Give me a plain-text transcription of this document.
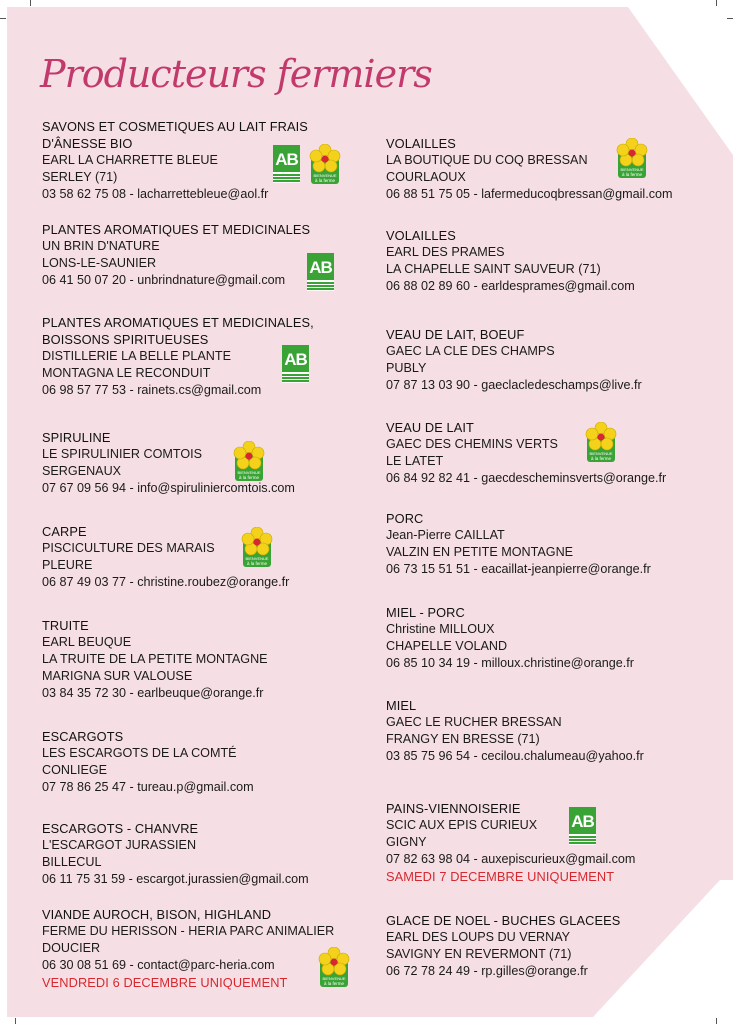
Producteurs fermiers
SAVONS ET COSMETIQUES AU LAIT FRAIS
D'ÂNESSE BIO
EARL LA CHARRETTE BLEUE
SERLEY (71)
03 58 62 75 08 - lacharrettebleue@aol.fr
AB
BIENVENUE
à la ferme
PLANTES AROMATIQUES ET MEDICINALES
UN BRIN D'NATURE
LONS-LE-SAUNIER
06 41 50 07 20 - unbrindnature@gmail.com
AB
PLANTES AROMATIQUES ET MEDICINALES,
BOISSONS SPIRITUEUSES
DISTILLERIE LA BELLE PLANTE
MONTAGNA LE RECONDUIT
06 98 57 77 53 - rainets.cs@gmail.com
AB
SPIRULINE
LE SPIRULINIER COMTOIS
SERGENAUX
07 67 09 56 94 - info@spiruliniercomtois.com
BIENVENUE
à la ferme
CARPE
PISCICULTURE DES MARAIS
PLEURE
06 87 49 03 77 - christine.roubez@orange.fr
BIENVENUE
à la ferme
TRUITE
EARL BEUQUE
LA TRUITE DE LA PETITE MONTAGNE
MARIGNA SUR VALOUSE
03 84 35 72 30 - earlbeuque@orange.fr
ESCARGOTS
LES ESCARGOTS DE LA COMTÉ
CONLIEGE
07 78 86 25 47 - tureau.p@gmail.com
ESCARGOTS - CHANVRE
L'ESCARGOT JURASSIEN
BILLECUL
06 11 75 31 59 - escargot.jurassien@gmail.com
VIANDE AUROCH, BISON, HIGHLAND
FERME DU HERISSON - HERIA PARC ANIMALIER
DOUCIER
06 30 08 51 69 - contact@parc-heria.com
VENDREDI 6 DECEMBRE UNIQUEMENT	BIENVENUE
à la ferme
VOLAILLES
LA BOUTIQUE DU COQ BRESSAN
COURLAOUX
06 88 51 75 05 - lafermeducoqbressan@gmail.com
BIENVENUE
à la ferme
VOLAILLES
EARL DES PRAMES
LA CHAPELLE SAINT SAUVEUR (71)
06 88 02 89 60 - earldesprames@gmail.com
VEAU DE LAIT, BOEUF
GAEC LA CLE DES CHAMPS
PUBLY
07 87 13 03 90 - gaeclacledeschamps@live.fr
VEAU DE LAIT
GAEC DES CHEMINS VERTS
LE LATET
06 84 92 82 41 - gaecdescheminsverts@orange.fr
BIENVENUE
à la ferme
PORC
Jean-Pierre CAILLAT
VALZIN EN PETITE MONTAGNE
06 73 15 51 51 - eacaillat-jeanpierre@orange.fr
MIEL - PORC
Christine MILLOUX
CHAPELLE VOLAND
06 85 10 34 19 - milloux.christine@orange.fr
MIEL
GAEC LE RUCHER BRESSAN
FRANGY EN BRESSE (71)
03 85 75 96 54 - cecilou.chalumeau@yahoo.fr
PAINS-VIENNOISERIE
SCIC AUX EPIS CURIEUX
GIGNY
07 82 63 98 04 - auxepiscurieux@gmail.com
SAMEDI 7 DECEMBRE UNIQUEMENT
AB
GLACE DE NOEL - BUCHES GLACEES
EARL DES LOUPS DU VERNAY
SAVIGNY EN REVERMONT (71)
06 72 78 24 49 - rp.gilles@orange.fr
